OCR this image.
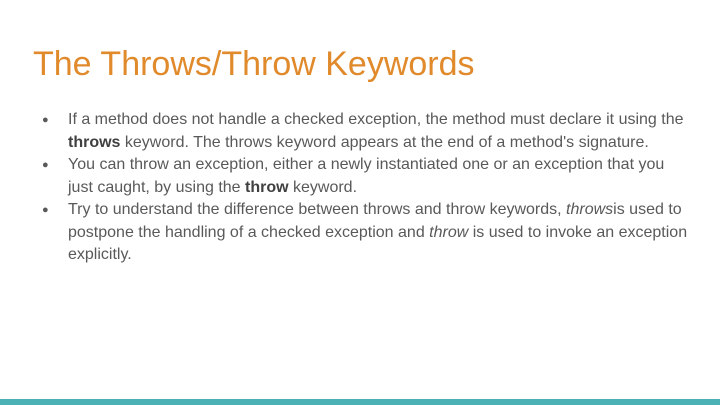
The Throws/Throw Keywords
● If a method does not handle a checked exception, the method must declare it using the throws keyword. The throws keyword appears at the end of a method's signature.
● You can throw an exception, either a newly instantiated one or an exception that you just caught, by using the throw keyword.
● Try to understand the difference between throws and throw keywords, throwsis used to postpone the handling of a checked exception and throw is used to invoke an exception explicitly.
